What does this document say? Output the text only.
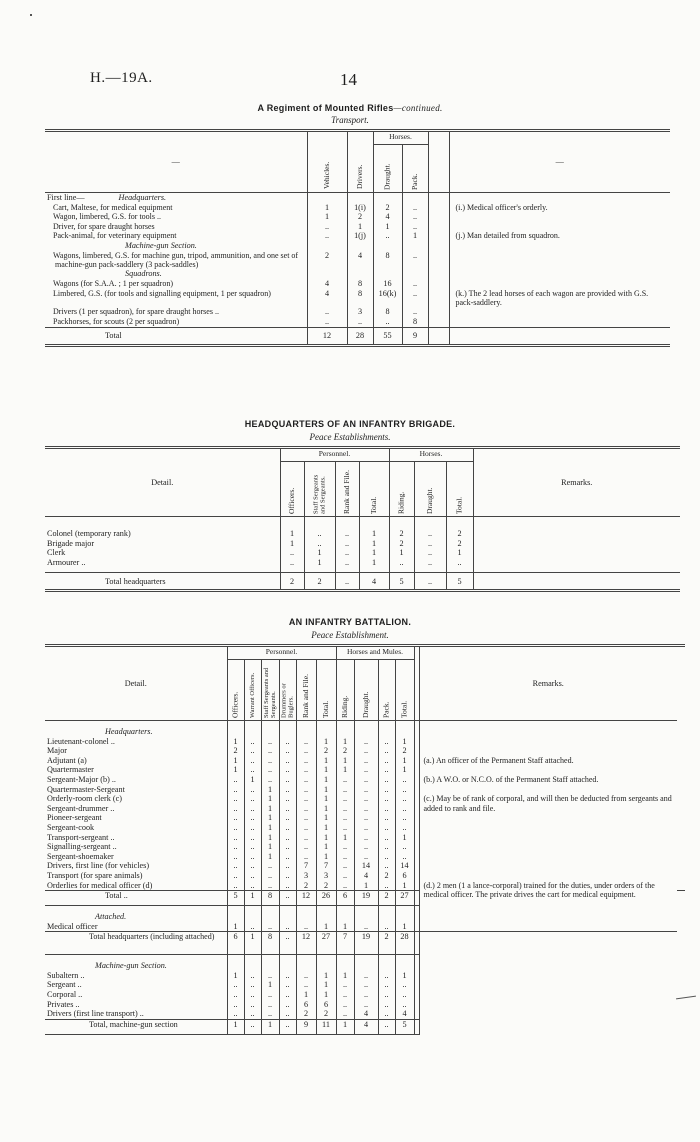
H.—19A.	14
A Regiment of Mounted Rifles—continued.
Transport.
—	Vehicles.	Drivers.	Horses.			—
			Draught.	Pack.		
First line— Headquarters.						
Cart, Maltese, for medical equipment	1	1(i)	2	..		(i.) Medical officer's orderly.
Wagon, limbered, G.S. for tools ..	1	2	4	..		
Driver, for spare draught horses	..	1	1	..		
Pack-animal, for veterinary equipment	..	1(j)	..	1		(j.) Man detailed from squadron.

Machine-gun Section.						

Wagons, limbered, G.S. for machine gun, tripod, ammunition, and one set of machine-gun pack-saddlery (3 pack-saddles)	2	4	8	..		

Squadrons.						

Wagons (for S.A.A. ; 1 per squadron)	4	8	16	..		
Limbered, G.S. (for tools and signalling equipment, 1 per squadron)	4	8	16(k)	..		(k.) The 2 lead horses of each wagon are provided with G.S. pack-saddlery.
Drivers (1 per squadron), for spare draught horses ..	..	3	8	..		
Packhorses, for scouts (2 per squadron)	..	..	..	8		
Total	12	28	55	9		

HEADQUARTERS OF AN INFANTRY BRIGADE.
Peace Establishments.
Detail.	Personnel.				Horses.			Remarks.
	Officers.	Staff Sergeants and Sergeants.	Rank and File.	Total.	Riding.	Draught.	Total.	

Colonel (temporary rank)	1	..	..	1	2	..	2	
Brigade major	1	..	..	1	2	..	2	
Clerk	..	1	..	1	1	..	1	
Armourer ..	..	1	..	1	..	..	..	

Total headquarters	2	2	..	4	5	..	5	

AN INFANTRY BATTALION.
Peace Establishment.
Detail.	Personnel.						Horses and Mules.					Remarks.	
	Officers.	Warrant Officers.	Staff Sergeants and Sergeants.	Drummers or Buglers.	Rank and File.	Total.	Riding.	Draught.	Pack.	Total.			
Headquarters.													
Lieutenant-colonel ..	1	..	..	..	..	1	1	..	..	1			
Major	2	..	..	..	..	2	2	..	..	2			
Adjutant (a)	1	..	..	..	..	1	1	..	..	1		(a.) An officer of the Permanent Staff attached.	
Quartermaster	1	..	..	..	..	1	1	..	..	1			
Sergeant-Major (b) ..	..	1	..	..	..	1	..	..	..	..		(b.) A W.O. or N.C.O. of the Permanent Staff attached.	
Quartermaster-Sergeant	..	..	1	..	..	1	..	..	..	..			
Orderly-room clerk (c)	..	..	1	..	..	1	..	..	..	..		(c.) May be of rank of corporal, and will then be deducted from sergeants and added to rank and file.	
Sergeant-drummer ..	..	..	1	..	..	1	..	..	..	..			
Pioneer-sergeant	..	..	1	..	..	1	..	..	..	..			
Sergeant-cook	..	..	1	..	..	1	..	..	..	..			
Transport-sergeant ..	..	..	1	..	..	1	1	..	..	1			
Signalling-sergeant ..	..	..	1	..	..	1	..	..	..	..			
Sergeant-shoemaker	..	..	1	..	..	1	..	..	..	..			
Drivers, first line (for vehicles)	..	..	..	..	7	7	..	14	..	14			
Transport (for spare animals)	..	..	..	..	3	3	..	4	2	6			
Orderlies for medical officer (d)	..	..	..	..	2	2	..	1	..	1		(d.) 2 men (1 a lance-corporal) trained for the duties, under orders of the medical officer. The private drives the cart for medical equipment.	
Total ..	5	1	8	..	12	26	6	19	2	27			
Attached.													
Medical officer	1	..	..	..	..	1	1	..	..	1			
Total headquarters (including attached)	6	1	8	..	12	27	7	19	2	28			
Machine-gun Section.													
Subaltern ..	1	..	..	..	..	1	1	..	..	1			
Sergeant ..	..	..	1	..	..	1	..	..	..	..			
Corporal ..	..	..	..	..	1	1	..	..	..	..			
Privates ..	..	..	..	..	6	6	..	..	..	..			
Drivers (first line transport) ..	..	..	..	..	2	2	..	4	..	4			
Total, machine-gun section	1	..	1	..	9	11	1	4	..	5			
